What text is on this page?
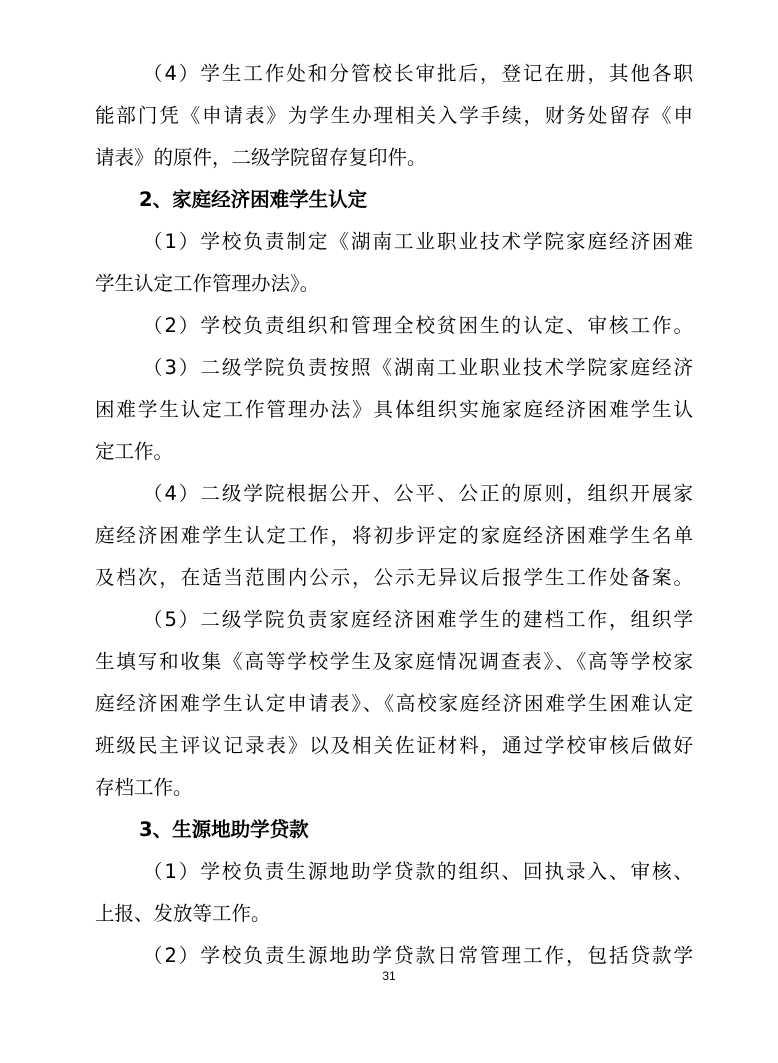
（4）学生工作处和分管校长审批后，登记在册，其他各职
能部门凭《申请表》为学生办理相关入学手续，财务处留存《申
请表》的原件，二级学院留存复印件。
2、家庭经济困难学生认定
（1）学校负责制定《湖南工业职业技术学院家庭经济困难
学生认定工作管理办法》。
（2）学校负责组织和管理全校贫困生的认定、审核工作。
（3）二级学院负责按照《湖南工业职业技术学院家庭经济
困难学生认定工作管理办法》具体组织实施家庭经济困难学生认
定工作。
（4）二级学院根据公开、公平、公正的原则，组织开展家
庭经济困难学生认定工作，将初步评定的家庭经济困难学生名单
及档次，在适当范围内公示，公示无异议后报学生工作处备案。
（5）二级学院负责家庭经济困难学生的建档工作，组织学
生填写和收集《高等学校学生及家庭情况调查表》、《高等学校家
庭经济困难学生认定申请表》、《高校家庭经济困难学生困难认定
班级民主评议记录表》以及相关佐证材料，通过学校审核后做好
存档工作。
3、生源地助学贷款
（1）学校负责生源地助学贷款的组织、回执录入、审核、
上报、发放等工作。
（2）学校负责生源地助学贷款日常管理工作，包括贷款学
31
